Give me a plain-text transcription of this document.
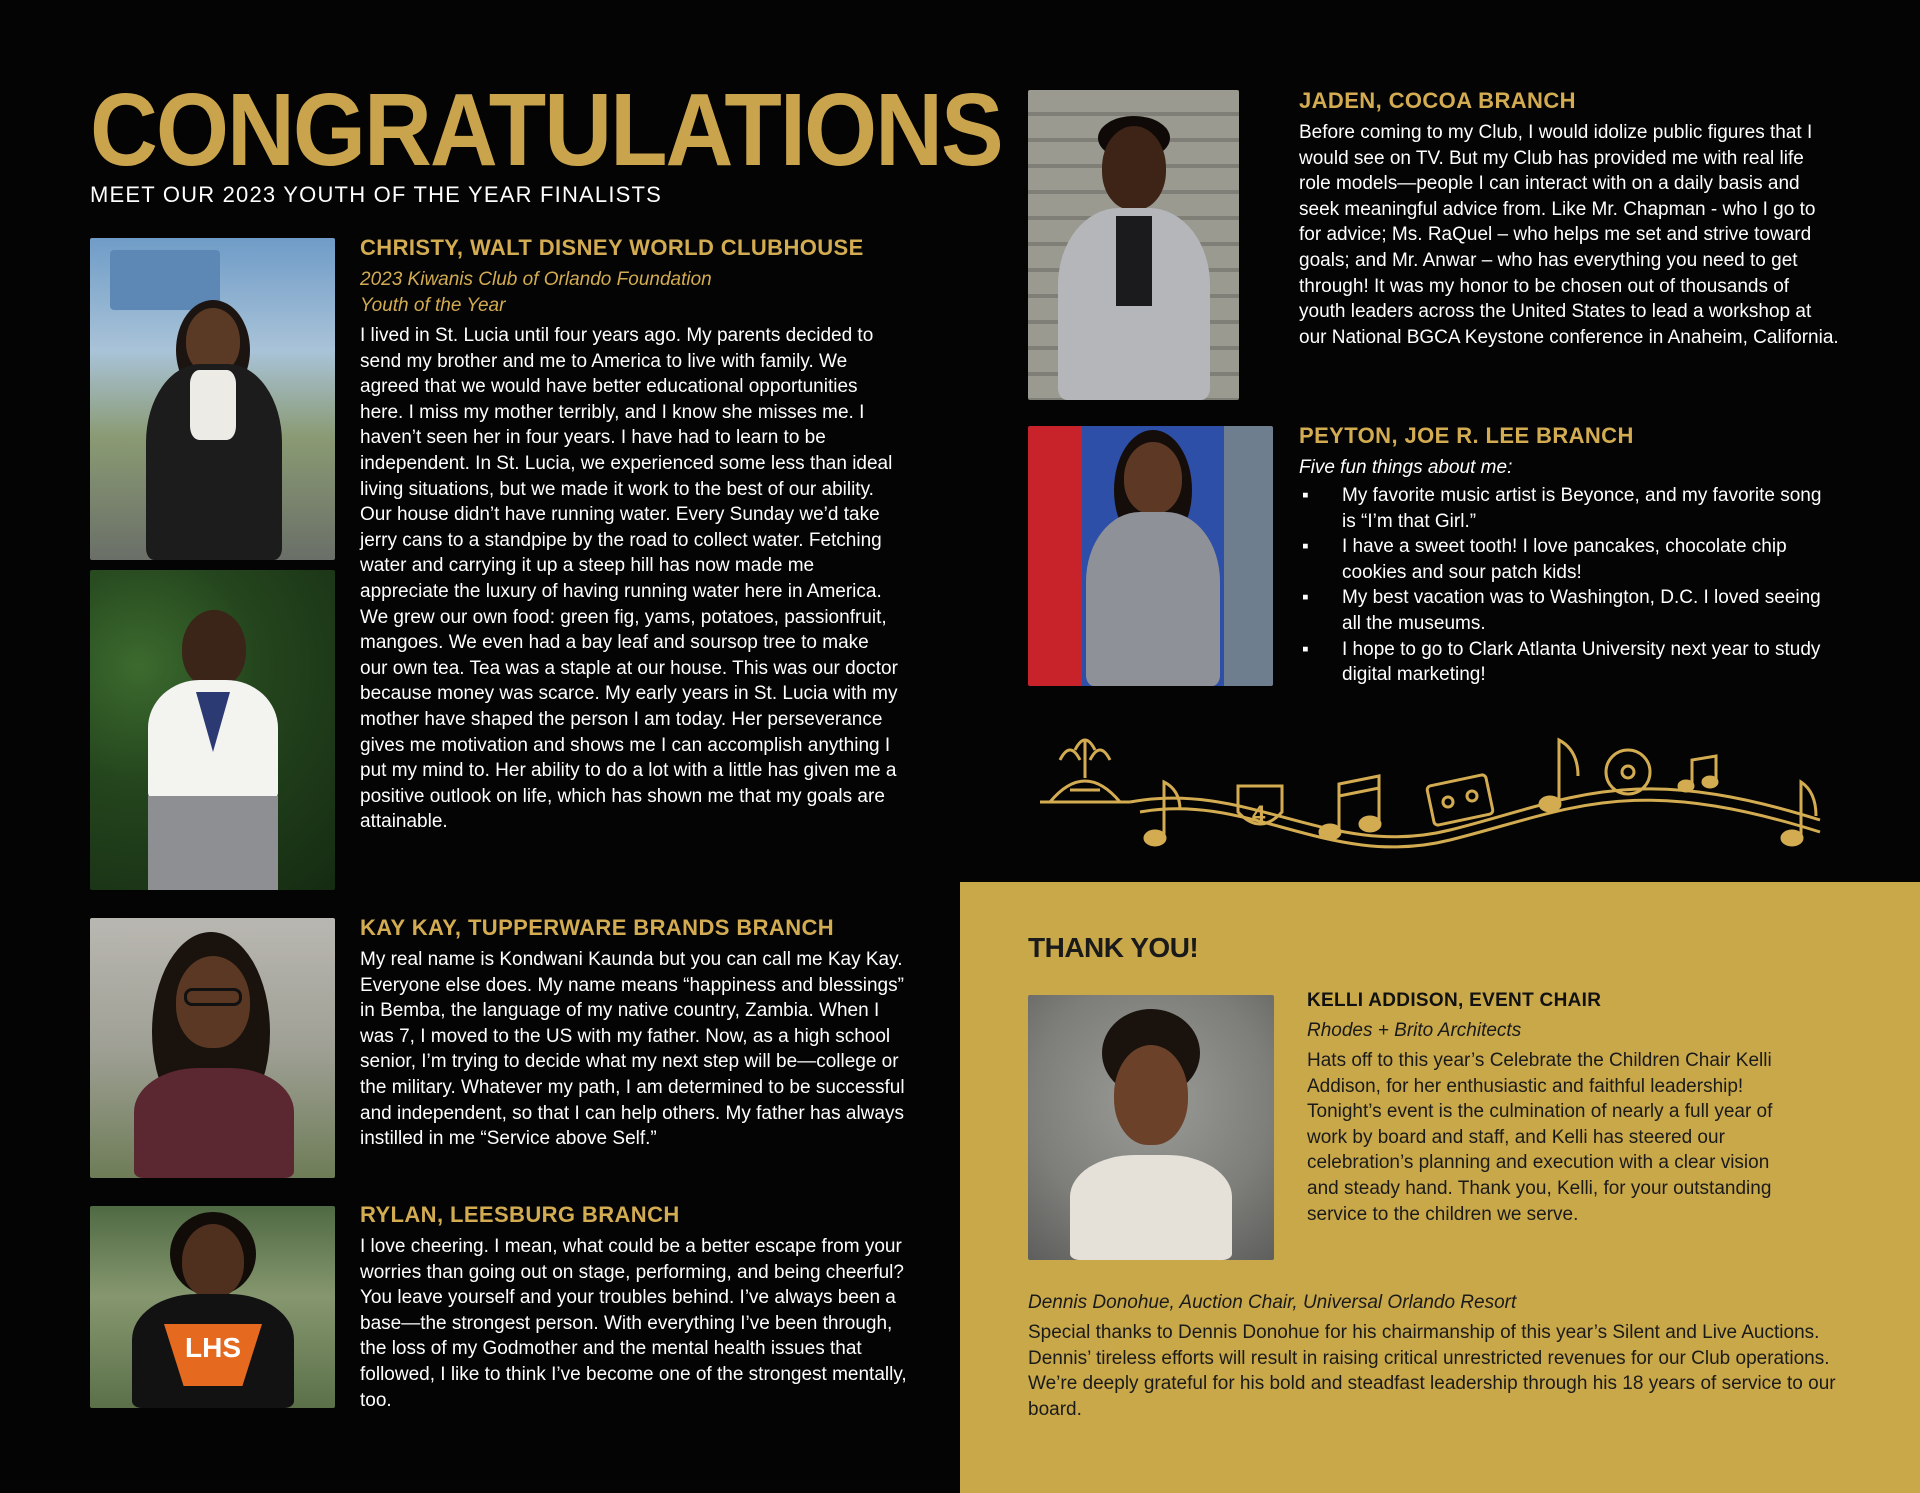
CONGRATULATIONS
MEET OUR 2023 YOUTH OF THE YEAR FINALISTS
LHS
CHRISTY, WALT DISNEY WORLD CLUBHOUSE
2023 Kiwanis Club of Orlando Foundation
Youth of the Year

I lived in St. Lucia until four years ago. My parents decided to send my brother and me to America to live with family. We agreed that we would have better educational opportunities here. I miss my mother terribly, and I know she misses me. I haven’t seen her in four years. I have had to learn to be independent. In St. Lucia, we experienced some less than ideal living situations, but we made it work to the best of our ability. Our house didn’t have running water. Every Sunday we’d take jerry cans to a standpipe by the road to collect water. Fetching water and carrying it up a steep hill has now made me appreciate the luxury of having running water here in America. We grew our own food: green fig, yams, potatoes, passionfruit, mangoes. We even had a bay leaf and soursop tree to make our own tea. Tea was a staple at our house. This was our doctor because money was scarce. My early years in St. Lucia with my mother have shaped the person I am today. Her perseverance gives me motivation and shows me I can accomplish anything I put my mind to. Her ability to do a lot with a little has given me a positive outlook on life, which has shown me that my goals are attainable.

KAY KAY, TUPPERWARE BRANDS BRANCH

My real name is Kondwani Kaunda but you can call me Kay Kay. Everyone else does. My name means “happiness and blessings” in Bemba, the language of my native country, Zambia. When I was 7, I moved to the US with my father. Now, as a high school senior, I’m trying to decide what my next step will be—college or the military. Whatever my path, I am determined to be successful and independent, so that I can help others. My father has always instilled in me “Service above Self.”

RYLAN, LEESBURG BRANCH

I love cheering. I mean, what could be a better escape from your worries than going out on stage, performing, and being cheerful? You leave yourself and your troubles behind. I’ve always been a base—the strongest person. With everything I’ve been through, the loss of my Godmother and the mental health issues that followed, I like to think I’ve become one of the strongest mentally, too.

JADEN, COCOA BRANCH

Before coming to my Club, I would idolize public figures that I would see on TV. But my Club has provided me with real life role models—people I can interact with on a daily basis and seek meaningful advice from. Like Mr. Chapman - who I go to for advice; Ms. RaQuel – who helps me set and strive toward goals; and Mr. Anwar – who has everything you need to get through! It was my honor to be chosen out of thousands of youth leaders across the United States to lead a workshop at our National BGCA Keystone conference in Anaheim, California.

PEYTON, JOE R. LEE BRANCH
Five fun things about me:
▪ My favorite music artist is Beyonce, and my favorite song is “I’m that Girl.”
▪ I have a sweet tooth! I love pancakes, chocolate chip cookies and sour patch kids!
▪ My best vacation was to Washington, D.C. I loved seeing all the museums.
▪ I hope to go to Clark Atlanta University next year to study digital marketing!
4
THANK YOU!
KELLI ADDISON, EVENT CHAIR
Rhodes + Brito Architects

Hats off to this year’s Celebrate the Children Chair Kelli Addison, for her enthusiastic and faithful leadership! Tonight’s event is the culmination of nearly a full year of work by board and staff, and Kelli has steered our celebration’s planning and execution with a clear vision and steady hand. Thank you, Kelli, for your outstanding service to the children we serve.

Dennis Donohue, Auction Chair, Universal Orlando Resort

Special thanks to Dennis Donohue for his chairmanship of this year’s Silent and Live Auctions. Dennis’ tireless efforts will result in raising critical unrestricted revenues for our Club operations. We’re deeply grateful for his bold and steadfast leadership through his 18 years of service to our board.
